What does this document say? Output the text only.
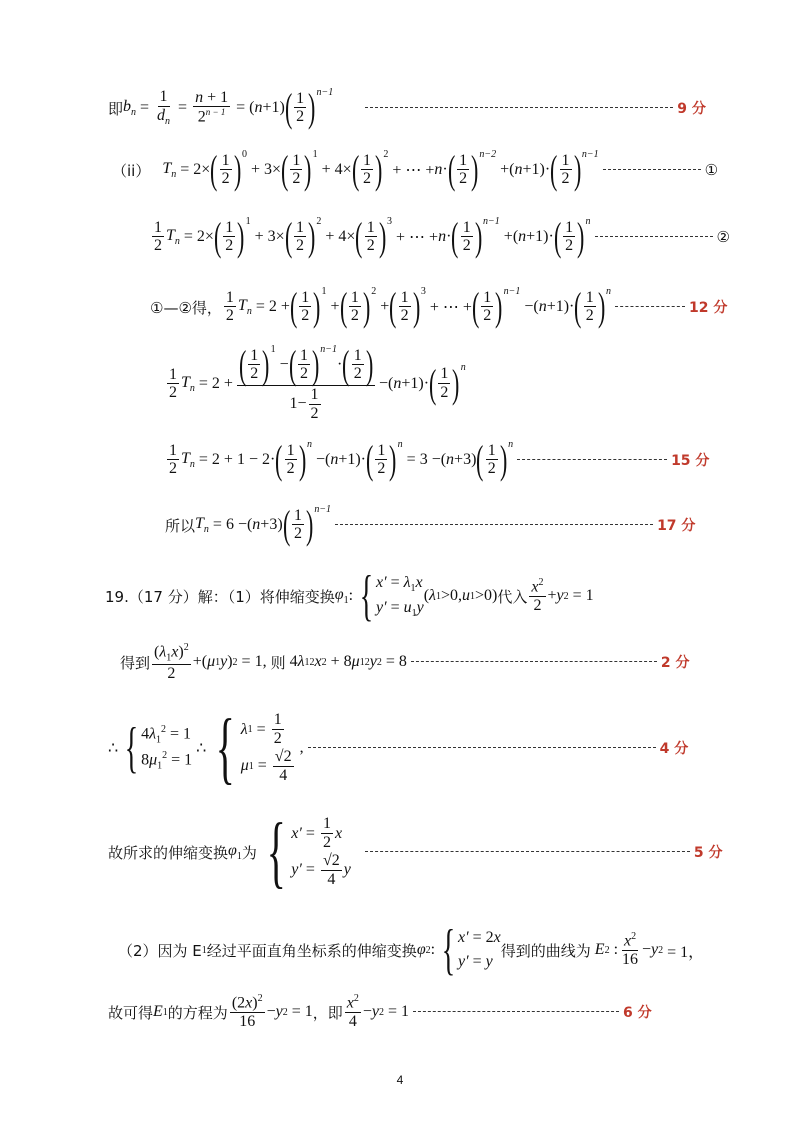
即 $b_n = \frac{1}{d_n} = \frac{n + 1}{2^{n - 1}}$ = ( n +1) ( $\frac{1}{2} )^{n-1}$
9 分
（ii） $T_n = 2\times$ ( $\frac{1}{2} )^0$
+ 3× ( $\frac{1}{2} )^1$
+ 4× ( $\frac{1}{2} )^2$
+ ⋯ + n · ( $\frac{1}{2} )^{n-2}$
+( n +1)· ( $\frac{1}{2} )^{n-1}$
①
$\frac{1}{2} T_n = 2\times$ ( $\frac{1}{2} )^1$
+ 3× ( $\frac{1}{2} )^2$
+ 4× ( $\frac{1}{2} )^3$
+ ⋯ + n · ( $\frac{1}{2} )^{n-1}$
+( n +1)· ( $\frac{1}{2} )^n$
②
①—②得， $\frac{1}{2} T_n = 2$ + ( $\frac{1}{2} )^1$
+ ( $\frac{1}{2} )^2$
+ ( $\frac{1}{2} )^3$
+ ⋯ + ( $\frac{1}{2} )^{n-1}$
−( n +1)· ( $\frac{1}{2} )^n$
12 分
$\frac{1}{2} T_n = 2$ + ( $\frac{1}{2} )^1$
− ( $\frac{1}{2} )^{n-1}$
· ( $\frac{1}{2}$ )
$1- \frac{1}{2}$ −( n +1)· ( $\frac{1}{2} )^n$
$\frac{1}{2} T_n = 2 + 1 - 2\cdot$ ( $\frac{1}{2} )^n$
−( n +1)· ( $\frac{1}{2} )^n$
= 3 −( n +3) ( $\frac{1}{2} )^n$
15 分
所以 $T_n = 6$ −( n +3) ( $\frac{1}{2} )^{n-1}$
17 分
19.（17 分）解：（1）将伸缩变换 $\varphi_1$ : { $x' = \lambda_1x$
$y' = u_1y$
( λ 1 >0, u 1 >0) 代入 $\frac{x^2}{2} + y$ 2 = 1
得到 $\frac{(\lambda_1x)^2}{2}$ +( μ 1 y ) 2 = 1, 则 4 λ 1 2 x 2 + 8 μ 1 2 y 2 = 8	2 分
∴ { $4\lambda_1^2 = 1$
$8\mu_1^2 = 1$
∴ { λ $1 = \frac{1}{2}$
μ $1 = \frac{√2}{4}$
,	4 分
故所求的伸缩变换 $\varphi_1$ 为 { $x' = \frac{1}{2}$ x
$y' = \frac{√2}{4}$ y
5 分
（2）因为 E 1 经过平面直角坐标系的伸缩变换 φ 2 : { x′ = 2x
y′ = y
得到的曲线为 E 2 : $\frac{x^2}{16} - y$ 2 = 1，
故可得 E 1 的方程为 $\frac{(2x)^2}{16} - y$ 2 = 1 ，即 $\frac{x^2}{4} - y$ 2 = 1	6 分
4
